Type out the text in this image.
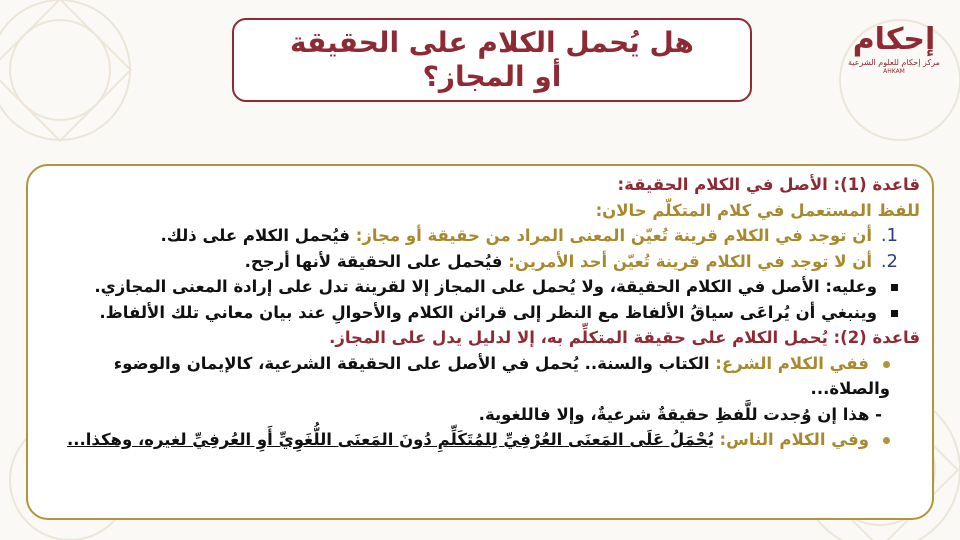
هل يُحمل الكلام على الحقيقة
أو المجاز؟
إحكام
مركز إحكام للعلوم الشرعية
AHKAM
قاعدة (1): الأصل في الكلام الحقيقة:
للفظ المستعمل في كلام المتكلّم حالان:
1.أن توجد في الكلام قرينة تُعيّن المعنى المراد من حقيقة أو مجاز: فيُحمل الكلام على ذلك.
2.أن لا توجد في الكلام قرينة تُعيّن أحد الأمرين: فيُحمل على الحقيقة لأنها أرجح.
وعليه: الأصل في الكلام الحقيقة، ولا يُحمل على المجاز إلا لقرينة تدل على إرادة المعنى المجازي.
وينبغي أن يُراعَى سياقُ الألفاظ مع النظر إلى قرائن الكلام والأحوالِ عند بيان معاني تلك الألفاظ.
قاعدة (2): يُحمل الكلام على حقيقة المتكلِّم به، إلا لدليل يدل على المجاز.
ففي الكلام الشرع: الكتاب والسنة.. يُحمل في الأصل على الحقيقة الشرعية، كالإيمان والوضوء
والصلاة...
- هذا إن وُجدت للَّفظِ حقيقةٌ شرعيةٌ، وإلا فاللغوية.
وفي الكلام الناس: يُحْمَلُ عَلَى المَعنَى العُرْفِيِّ لِلمُتَكَلِّمِ دُونَ المَعنَى اللُّغَوِيِّ أَوِ العُرفِيِّ لغيره، وهكذا...
